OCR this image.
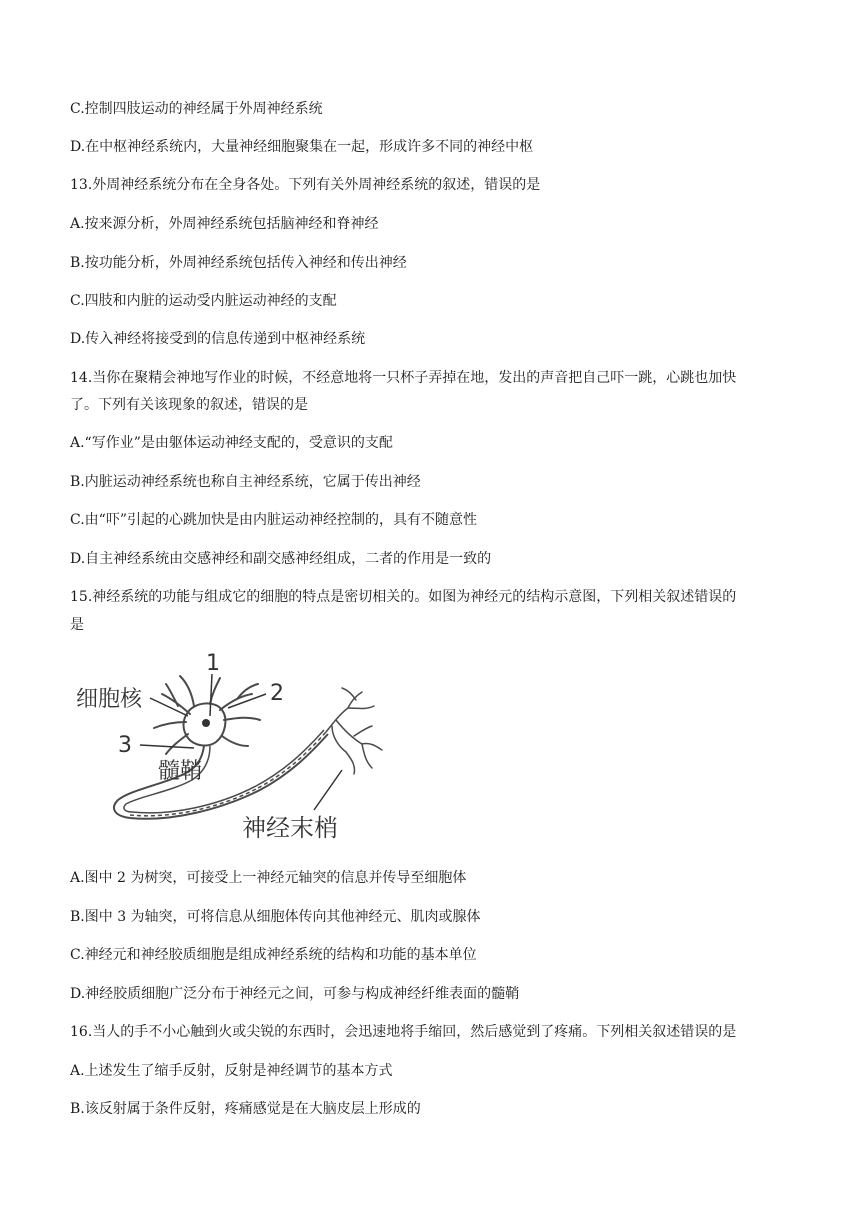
C.控制四肢运动的神经属于外周神经系统
D.在中枢神经系统内，大量神经细胞聚集在一起，形成许多不同的神经中枢
13.外周神经系统分布在全身各处。下列有关外周神经系统的叙述，错误的是
A.按来源分析，外周神经系统包括脑神经和脊神经
B.按功能分析，外周神经系统包括传入神经和传出神经
C.四肢和内脏的运动受内脏运动神经的支配
D.传入神经将接受到的信息传递到中枢神经系统
14.当你在聚精会神地写作业的时候，不经意地将一只杯子弄掉在地，发出的声音把自己吓一跳，心跳也加快
了。下列有关该现象的叙述，错误的是
A.“写作业”是由躯体运动神经支配的，受意识的支配
B.内脏运动神经系统也称自主神经系统，它属于传出神经
C.由“吓”引起的心跳加快是由内脏运动神经控制的，具有不随意性
D.自主神经系统由交感神经和副交感神经组成，二者的作用是一致的
15.神经系统的功能与组成它的细胞的特点是密切相关的。如图为神经元的结构示意图，下列相关叙述错误的
是
细胞核
1
2
3
髓鞘
神经末梢
A.图中 2 为树突，可接受上一神经元轴突的信息并传导至细胞体
B.图中 3 为轴突，可将信息从细胞体传向其他神经元、肌肉或腺体
C.神经元和神经胶质细胞是组成神经系统的结构和功能的基本单位
D.神经胶质细胞广泛分布于神经元之间，可参与构成神经纤维表面的髓鞘
16.当人的手不小心触到火或尖锐的东西时，会迅速地将手缩回，然后感觉到了疼痛。下列相关叙述错误的是
A.上述发生了缩手反射，反射是神经调节的基本方式
B.该反射属于条件反射，疼痛感觉是在大脑皮层上形成的
